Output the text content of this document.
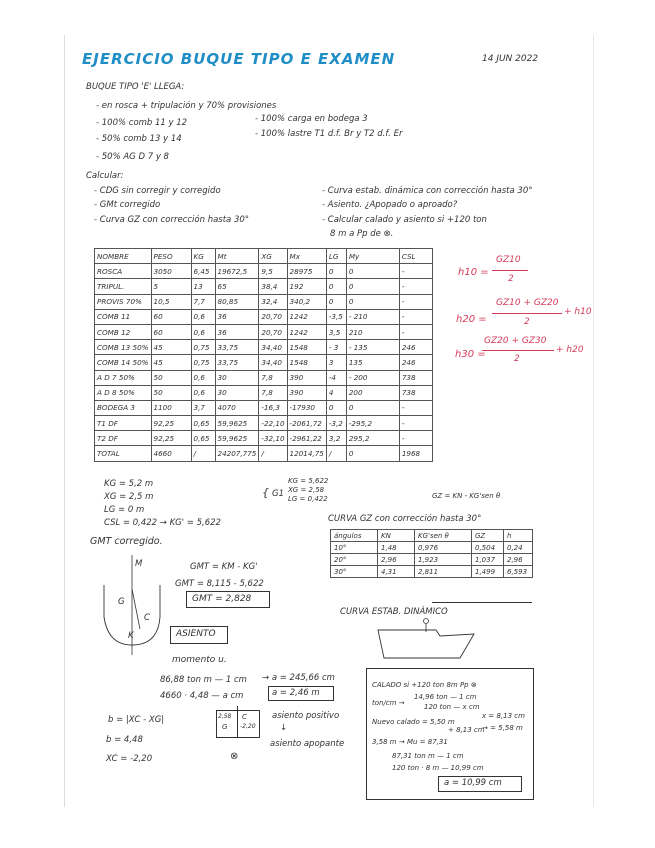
EJERCICIO BUQUE TIPO E EXAMEN	14 JUN 2022
BUQUE TIPO 'E' LLEGA:
- en rosca + tripulación y 70% provisiones
- 100% comb 11 y 12	- 100% carga en bodega 3
- 50% comb 13 y 14	- 100% lastre T1 d.f. Br y T2 d.f. Er
- 50% AG D 7 y 8
Calcular:
- CDG sin corregir y corregido
- GMt corregido
- Curva GZ con corrección hasta 30°
- Curva estab. dinámica con corrección hasta 30°
- Asiento. ¿Apopado o aproado?
- Calcular calado y asiento si +120 ton
8 m a Pp de ⊗.
NOMBRE	PESO	KG	Mt	XG	Mx	LG	My	CSL
ROSCA	3050	6,45	19672,5	9,5	28975	0	0	-
TRIPUL.	5	13	65	38,4	192	0	0	-
PROVIS 70%	10,5	7,7	80,85	32,4	340,2	0	0	-
COMB 11	60	0,6	36	20,70	1242	-3,5	- 210	-
COMB 12	60	0,6	36	20,70	1242	3,5	210	-
COMB 13 50%	45	0,75	33,75	34,40	1548	- 3	- 135	246
COMB 14 50%	45	0,75	33,75	34,40	1548	3	135	246
A D 7 50%	50	0,6	30	7,8	390	-4	- 200	738
A D 8 50%	50	0,6	30	7,8	390	4	200	738
BODEGA 3	1100	3,7	4070	-16,3	-17930	0	0	-
T1 DF	92,25	0,65	59,9625	-22,10	-2061,72	-3,2	-295,2	-
T2 DF	92,25	0,65	59,9625	-32,10	-2961,22	3,2	295,2	-
TOTAL	4660	/	24207,775	/	12014,75	/	0	1968
h10 =
GZ10
2
h20 =
GZ10 + GZ20
2
+ h10
h30 =
GZ20 + GZ30
2
+ h20
KG = 5,2 m
XG = 2,5 m
LG = 0 m
CSL = 0,422 → KG' = 5,622
{ G1
KG = 5,622
XG = 2,58
LG = 0,422	GZ = KN - KG'sen θ
CURVA GZ con corrección hasta 30°
ángulos	KN	KG'sen θ	GZ	h
10°	1,48	0,976	0,504	0,24
20°	2,96	1,923	1,037	2,96
30°	4,31	2,811	1,499	6,593
CURVA ESTAB. DINÁMICO
GMT corregido.
GMT = KM - KG'
GMT = 8,115 - 5,622
GMT = 2,828
M
G
C
K	ASIENTO
momento u.
86,88 ton m — 1 cm
4660 · 4,48 — a cm
→ a = 245,66 cm
a = 2,46 m
b = |XC - XG|
b = 4,48
XC = -2,20
2,58
G
C
-2,20
⊗
asiento positivo
↓
asiento apopante
CALADO si +120 ton 8m Pp ⊗
ton/cm →
14,96 ton — 1 cm
120 ton — x cm
Nuevo calado = 5,50 m
+ 8,13 cm
x = 8,13 cm
→ = 5,58 m
3,58 m → Mu = 87,31
87,31 ton m — 1 cm
120 ton · 8 m — 10,99 cm
a = 10,99 cm
